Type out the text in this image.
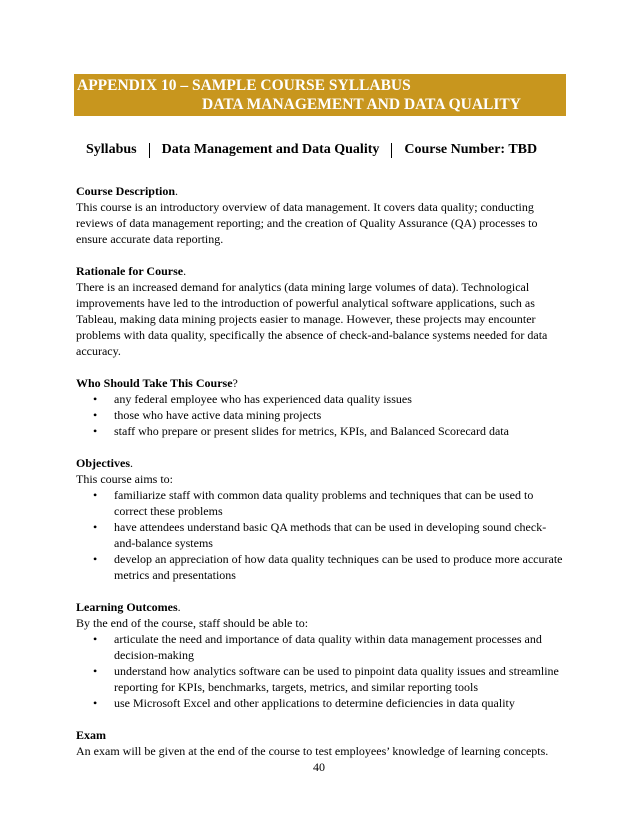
APPENDIX 10 – SAMPLE COURSE SYLLABUS
DATA MANAGEMENT AND DATA QUALITY
Syllabus Data Management and Data Quality Course Number: TBD
Course Description.

This course is an introductory overview of data management. It covers data quality; conducting reviews of data management reporting; and the creation of Quality Assurance (QA) processes to ensure accurate data reporting.

Rationale for Course.

There is an increased demand for analytics (data mining large volumes of data). Technological improvements have led to the introduction of powerful analytical software applications, such as Tableau, making data mining projects easier to manage. However, these projects may encounter problems with data quality, specifically the absence of check-and-balance systems needed for data accuracy.

Who Should Take This Course?
• any federal employee who has experienced data quality issues
• those who have active data mining projects
• staff who prepare or present slides for metrics, KPIs, and Balanced Scorecard data
Objectives.

This course aims to:

• familiarize staff with common data quality problems and techniques that can be used to correct these problems
• have attendees understand basic QA methods that can be used in developing sound check-and-balance systems
• develop an appreciation of how data quality techniques can be used to produce more accurate metrics and presentations
Learning Outcomes.

By the end of the course, staff should be able to:

• articulate the need and importance of data quality within data management processes and decision-making
• understand how analytics software can be used to pinpoint data quality issues and streamline reporting for KPIs, benchmarks, targets, metrics, and similar reporting tools
• use Microsoft Excel and other applications to determine deficiencies in data quality
Exam

An exam will be given at the end of the course to test employees’ knowledge of learning concepts.

40
